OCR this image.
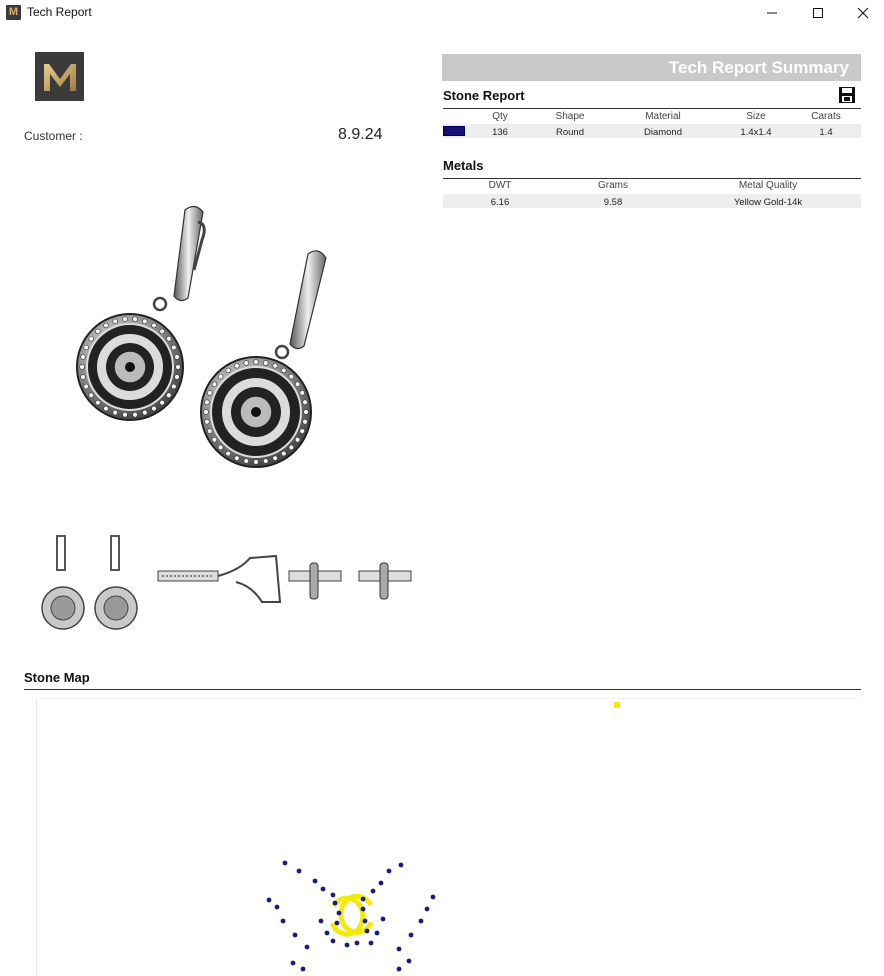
M Tech Report
Customer :	8.9.24
Tech Report Summary
Stone Report
Qty	Shape	Material	Size	Carats
136	Round	Diamond	1.4x1.4	1.4
Metals
DWT	Grams	Metal Quality
6.16	9.58	Yellow Gold-14k
Stone Map
